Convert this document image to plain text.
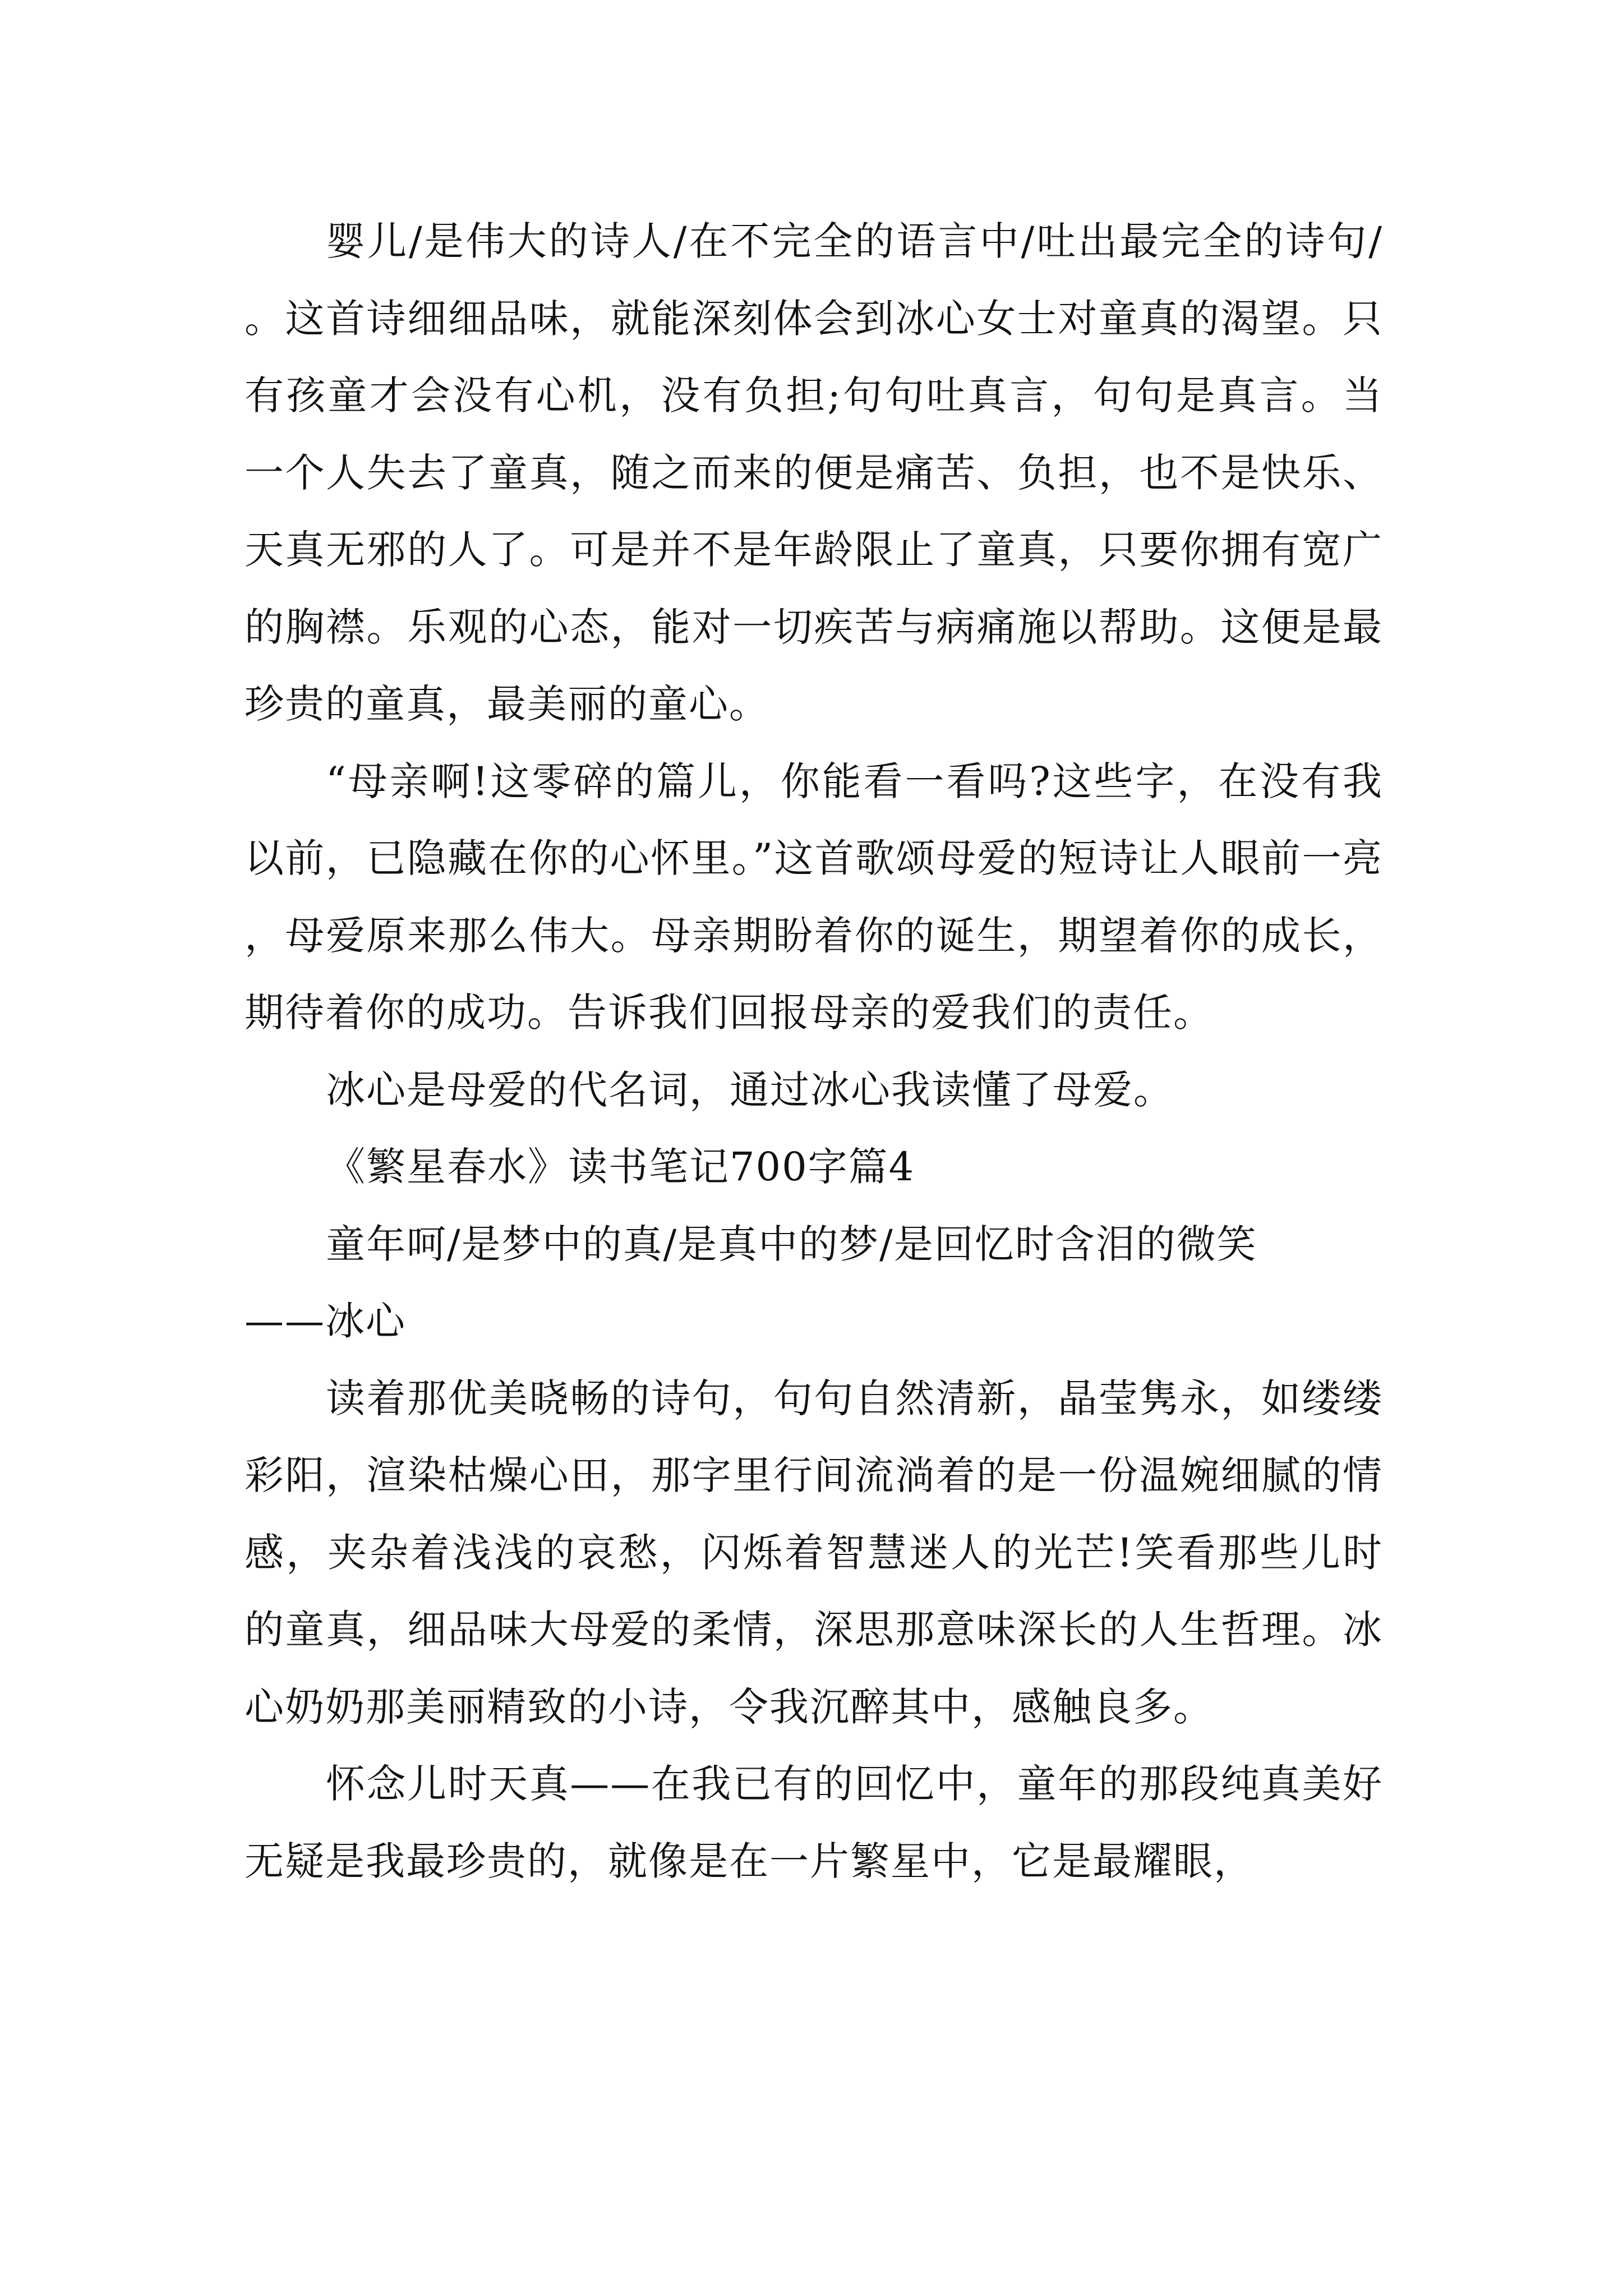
婴儿/是伟大的诗人/在不完全的语言中/吐出最完全的诗句/。这首诗细细品味，就能深刻体会到冰心女士对童真的渴望。只有孩童才会没有心机，没有负担;句句吐真言，句句是真言。当一个人失去了童真，随之而来的便是痛苦、负担，也不是快乐、天真无邪的人了。可是并不是年龄限止了童真，只要你拥有宽广的胸襟。乐观的心态，能对一切疾苦与病痛施以帮助。这便是最珍贵的童真，最美丽的童心。

“母亲啊!这零碎的篇儿，你能看一看吗?这些字，在没有我以前，已隐藏在你的心怀里。”这首歌颂母爱的短诗让人眼前一亮，母爱原来那么伟大。母亲期盼着你的诞生，期望着你的成长，期待着你的成功。告诉我们回报母亲的爱我们的责任。

冰心是母爱的代名词，通过冰心我读懂了母爱。

《繁星春水》读书笔记700字篇4

童年呵/是梦中的真/是真中的梦/是回忆时含泪的微笑

——冰心

读着那优美晓畅的诗句，句句自然清新，晶莹隽永，如缕缕彩阳，渲染枯燥心田，那字里行间流淌着的是一份温婉细腻的情感，夹杂着浅浅的哀愁，闪烁着智慧迷人的光芒!笑看那些儿时的童真，细品味大母爱的柔情，深思那意味深长的人生哲理。冰心奶奶那美丽精致的小诗，令我沉醉其中，感触良多。

怀念儿时天真——在我已有的回忆中，童年的那段纯真美好无疑是我最珍贵的，就像是在一片繁星中，它是最耀眼，
